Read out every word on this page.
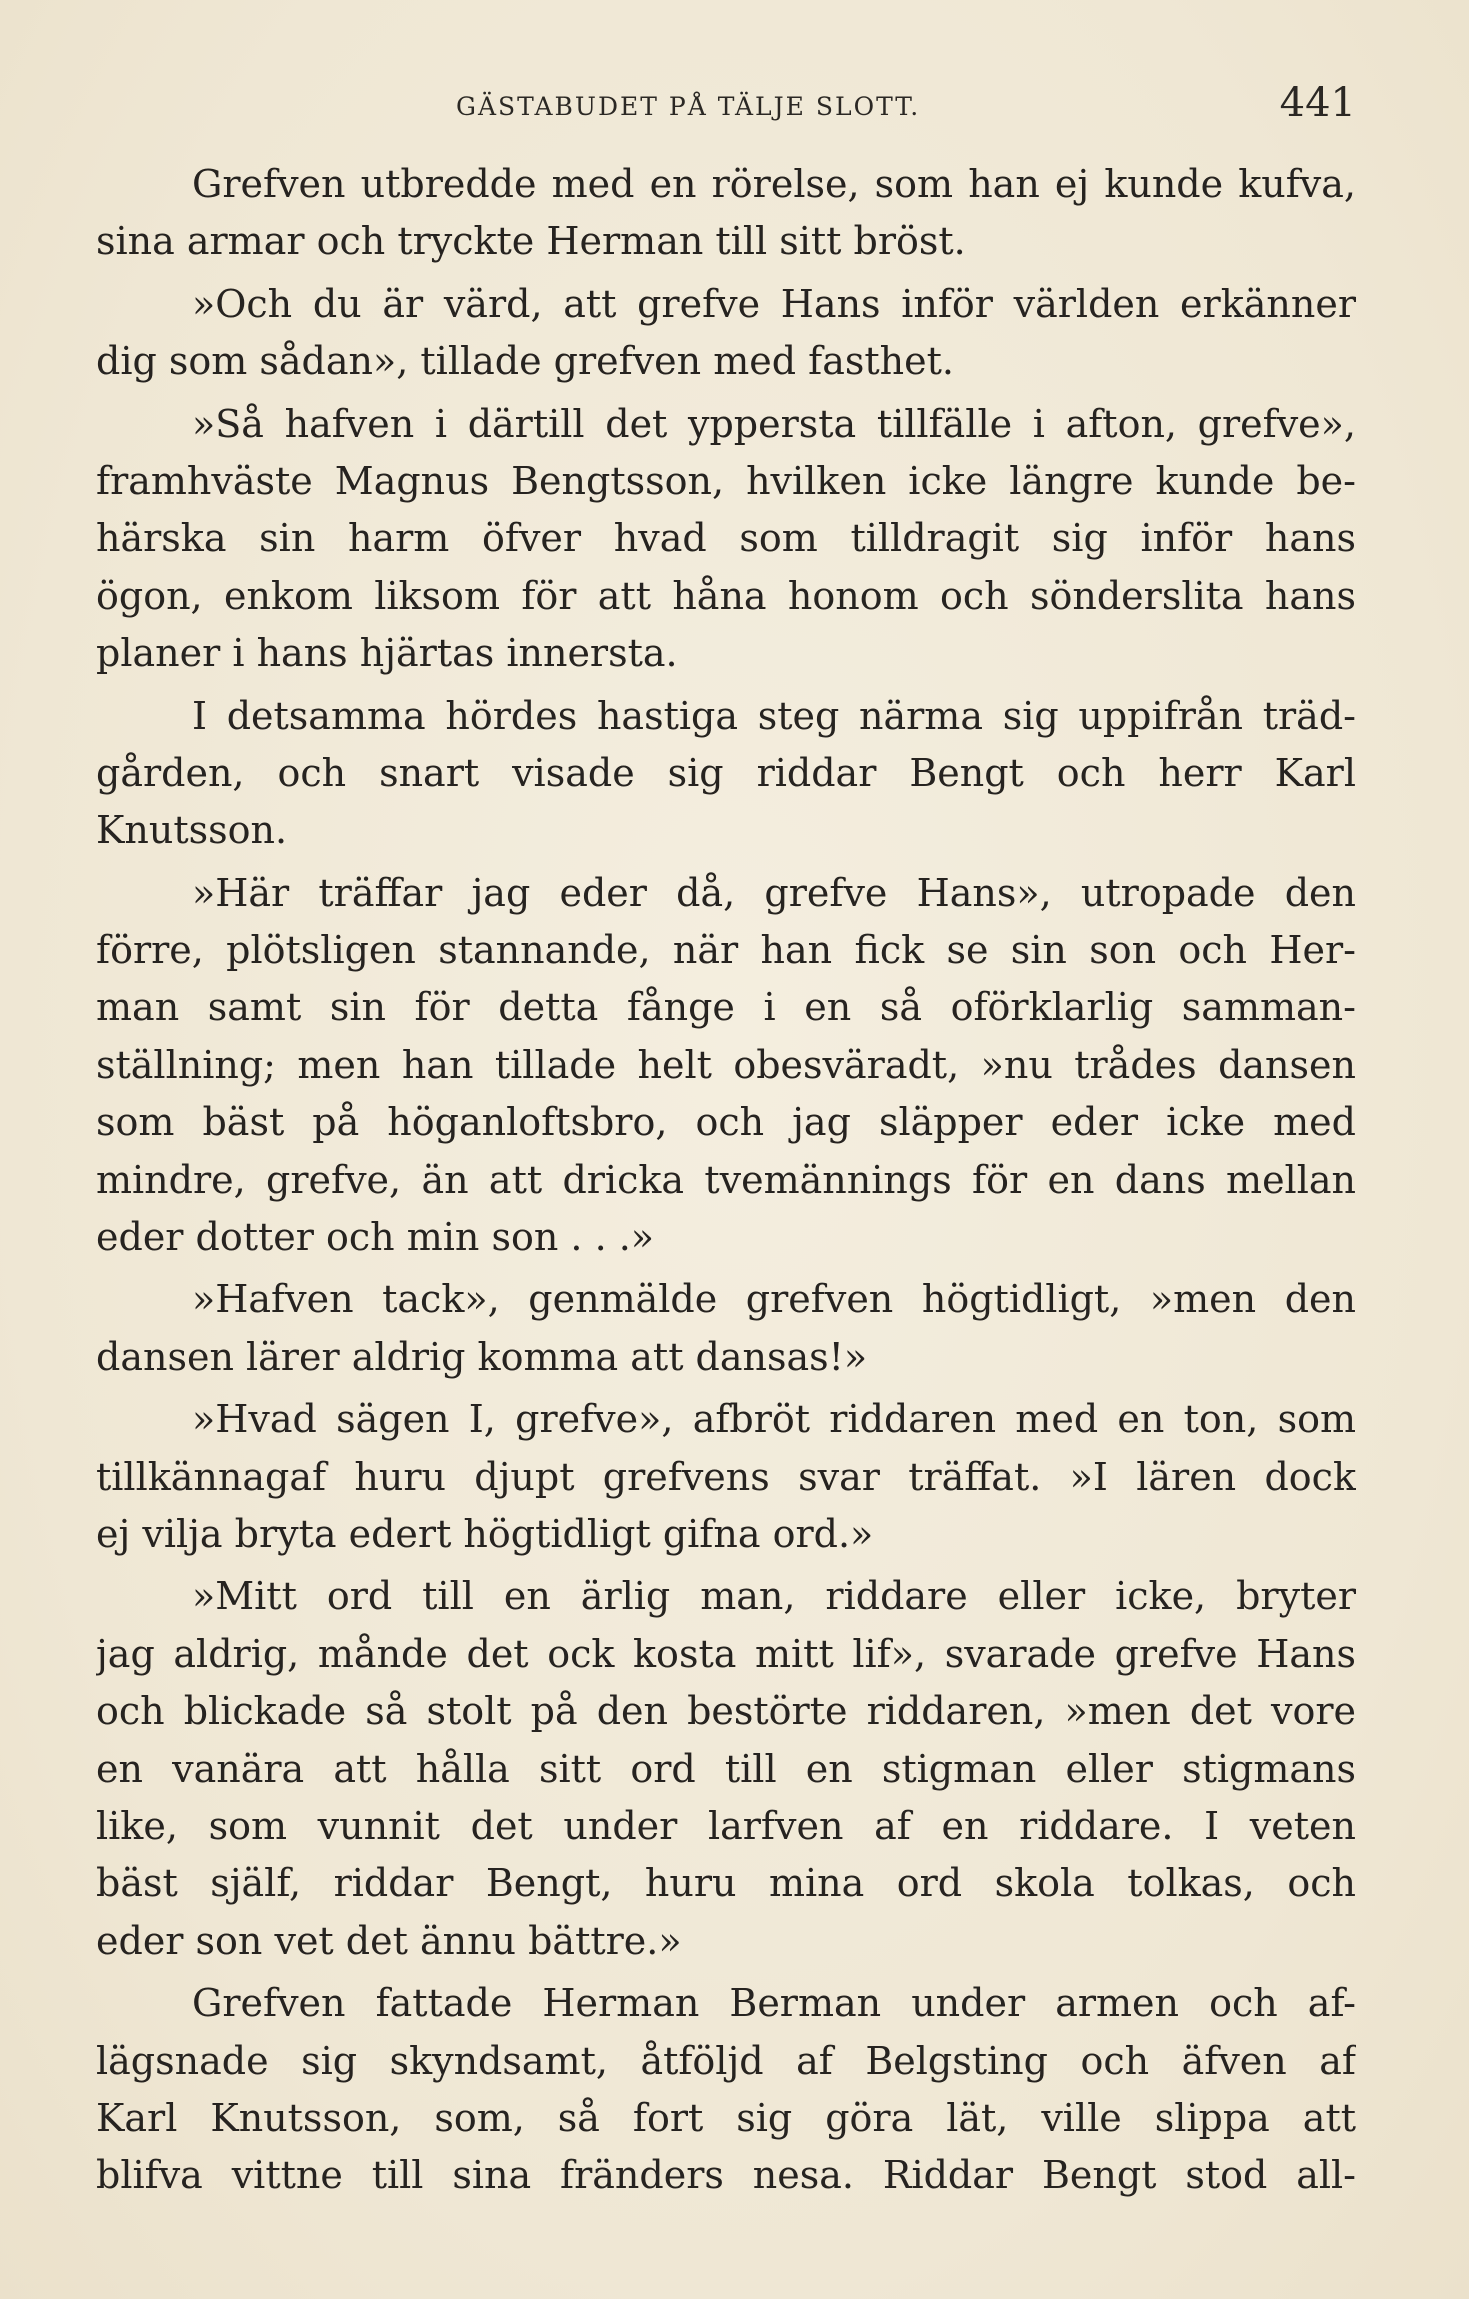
GÄSTABUDET PÅ TÄLJE SLOTT.	441
Grefven utbredde med en rörelse, som han ej kunde kufva,
sina armar och tryckte Herman till sitt bröst.
»Och du är värd, att grefve Hans inför världen erkänner
dig som sådan», tillade grefven med fasthet.
»Så hafven i därtill det yppersta tillfälle i afton, grefve»,
framhväste Magnus Bengtsson, hvilken icke längre kunde be-
härska sin harm öfver hvad som tilldragit sig inför hans
ögon, enkom liksom för att håna honom och sönderslita hans
planer i hans hjärtas innersta.
I detsamma hördes hastiga steg närma sig uppifrån träd-
gården, och snart visade sig riddar Bengt och herr Karl
Knutsson.
»Här träffar jag eder då, grefve Hans», utropade den
förre, plötsligen stannande, när han fick se sin son och Her-
man samt sin för detta fånge i en så oförklarlig samman-
ställning; men han tillade helt obesväradt, »nu trådes dansen
som bäst på höganloftsbro, och jag släpper eder icke med
mindre, grefve, än att dricka tvemännings för en dans mellan
eder dotter och min son . . .»
»Hafven tack», genmälde grefven högtidligt, »men den
dansen lärer aldrig komma att dansas!»
»Hvad sägen I, grefve», afbröt riddaren med en ton, som
tillkännagaf huru djupt grefvens svar träffat. »I lären dock
ej vilja bryta edert högtidligt gifna ord.»
»Mitt ord till en ärlig man, riddare eller icke, bryter
jag aldrig, månde det ock kosta mitt lif», svarade grefve Hans
och blickade så stolt på den bestörte riddaren, »men det vore
en vanära att hålla sitt ord till en stigman eller stigmans
like, som vunnit det under larfven af en riddare. I veten
bäst själf, riddar Bengt, huru mina ord skola tolkas, och
eder son vet det ännu bättre.»
Grefven fattade Herman Berman under armen och af-
lägsnade sig skyndsamt, åtföljd af Belgsting och äfven af
Karl Knutsson, som, så fort sig göra lät, ville slippa att
blifva vittne till sina fränders nesa. Riddar Bengt stod all-
